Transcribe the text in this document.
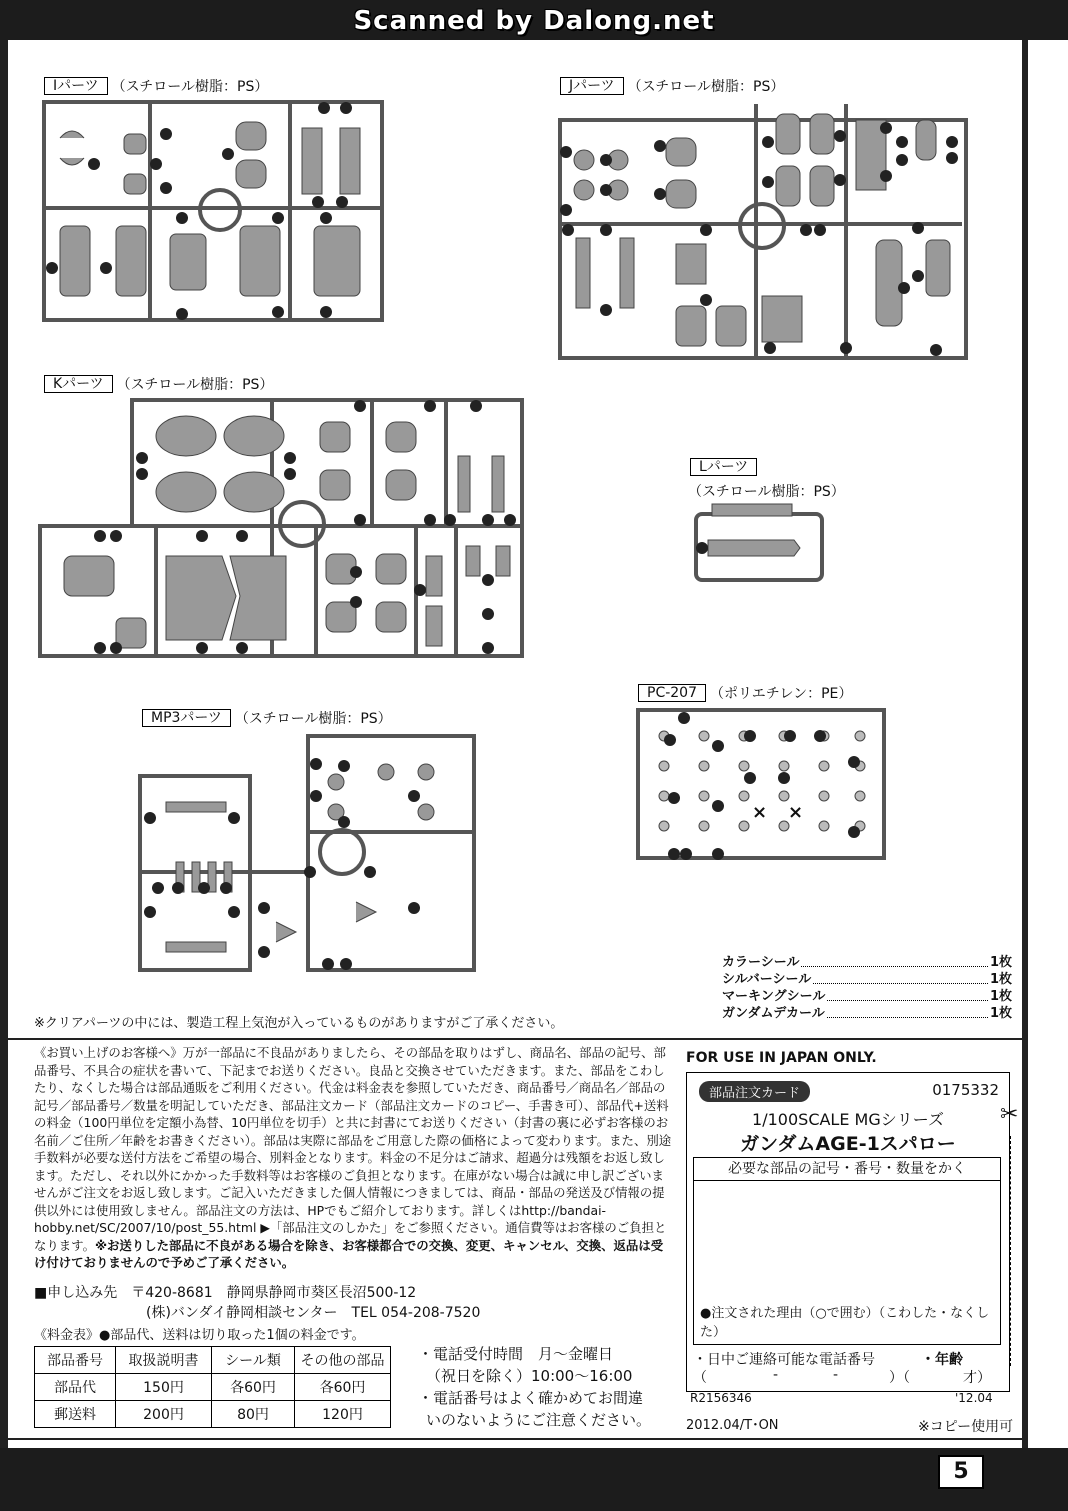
Scanned by Dalong.net
5
Iパーツ （スチロール樹脂：PS）	Jパーツ （スチロール樹脂：PS）
Kパーツ （スチロール樹脂：PS）
Lパーツ
（スチロール樹脂：PS）
PC-207 （ポリエチレン：PE）
× ×
MP3パーツ （スチロール樹脂：PS）
カラーシール	1枚
シルバーシール	1枚
マーキングシール	1枚
ガンダムデカール	1枚
※クリアパーツの中には、製造工程上気泡が入っているものがありますがご了承ください。
《お買い上げのお客様へ》万が一部品に不良品がありましたら、その部品を取りはずし、商品名、部品の記号、部品番号、不具合の症状を書いて、下記までお送りください。良品と交換させていただきます。また、部品をこわしたり、なくした場合は部品通販をご利用ください。代金は料金表を参照していただき、商品番号／商品名／部品の記号／部品番号／数量を明記していただき、部品注文カード（部品注文カードのコピー、手書き可）、部品代+送料の料金（100円単位を定額小為替、10円単位を切手）と共に封書にてお送りください（封書の裏に必ずお客様のお名前／ご住所／年齢をお書きください）。部品は実際に部品をご用意した際の価格によって変わります。また、別途手数料が必要な送付方法をご希望の場合、別料金となります。料金の不足分はご請求、超過分は残額をお返し致します。ただし、それ以外にかかった手数料等はお客様のご負担となります。在庫がない場合は誠に申し訳ございませんがご注文をお返し致します。ご記入いただきました個人情報につきましては、商品・部品の発送及び情報の提供以外には使用致しません。部品注文の方法は、HPでもご紹介しております。詳しくはhttp://bandai-hobby.net/SC/2007/10/post_55.html ▶「部品注文のしかた」をご参照ください。通信費等はお客様のご負担となります。※お送りした部品に不良がある場合を除き、お客様都合での交換、変更、キャンセル、交換、返品は受け付けておりませんので予めご了承ください。
■申し込み先　〒420-8681　静岡県静岡市葵区長沼500-12
(株)バンダイ静岡相談センター　TEL 054-208-7520
《料金表》●部品代、送料は切り取った1個の料金です。
部品番号	取扱説明書	シール類	その他の部品
部品代	150円	各60円	各60円
郵送料	200円	80円	120円
・電話受付時間　月〜金曜日
（祝日を除く）10:00〜16:00
・電話番号はよく確かめてお間違
いのないようにご注意ください。
FOR USE IN JAPAN ONLY.
部品注文カード	0175332
1/100SCALE MGシリーズ
ガンダムAGE-1スパロー
必要な部品の記号・番号・数量をかく
●注文された理由（○で囲む）（こわした・なくした）
・日中ご連絡可能な電話番号	・年齢
（	-	-	）（	才）
R2156346	'12.04
2012.04/T･ON	※コピー使用可
✂
